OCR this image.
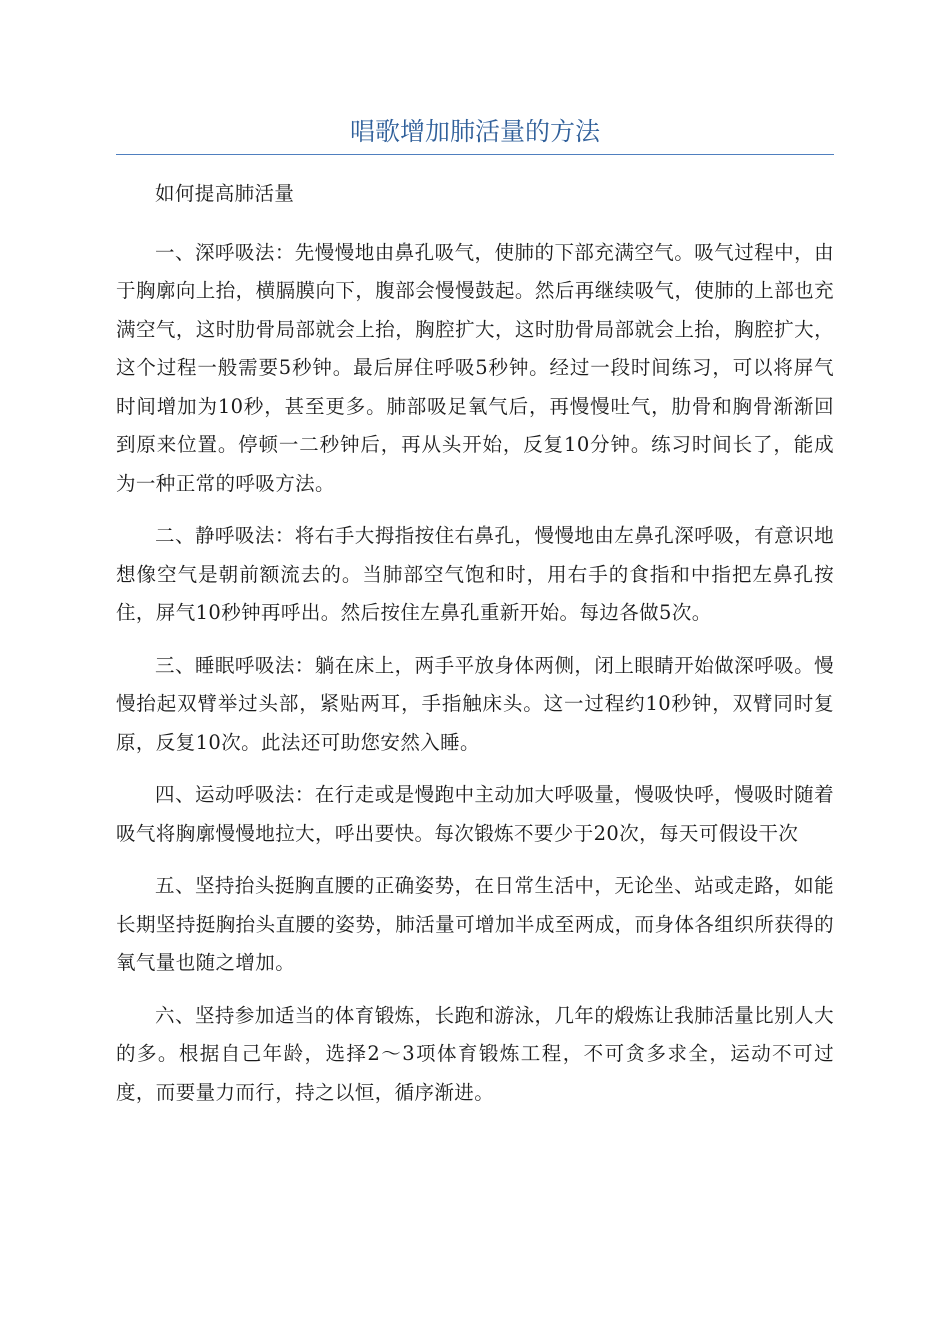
唱歌增加肺活量的方法

如何提高肺活量

一、深呼吸法：先慢慢地由鼻孔吸气，使肺的下部充满空气。吸气过程中，由于胸廓向上抬，横膈膜向下，腹部会慢慢鼓起。然后再继续吸气，使肺的上部也充满空气，这时肋骨局部就会上抬，胸腔扩大，这时肋骨局部就会上抬，胸腔扩大，这个过程一般需要5秒钟。最后屏住呼吸5秒钟。经过一段时间练习，可以将屏气时间增加为10秒，甚至更多。肺部吸足氧气后，再慢慢吐气，肋骨和胸骨渐渐回到原来位置。停顿一二秒钟后，再从头开始，反复10分钟。练习时间长了，能成为一种正常的呼吸方法。

二、静呼吸法：将右手大拇指按住右鼻孔，慢慢地由左鼻孔深呼吸，有意识地想像空气是朝前额流去的。当肺部空气饱和时，用右手的食指和中指把左鼻孔按住，屏气10秒钟再呼出。然后按住左鼻孔重新开始。每边各做5次。

三、睡眠呼吸法：躺在床上，两手平放身体两侧，闭上眼睛开始做深呼吸。慢慢抬起双臂举过头部，紧贴两耳，手指触床头。这一过程约10秒钟，双臂同时复原，反复10次。此法还可助您安然入睡。

四、运动呼吸法：在行走或是慢跑中主动加大呼吸量，慢吸快呼，慢吸时随着吸气将胸廓慢慢地拉大，呼出要快。每次锻炼不要少于20次，每天可假设干次

五、坚持抬头挺胸直腰的正确姿势，在日常生活中，无论坐、站或走路，如能长期坚持挺胸抬头直腰的姿势，肺活量可增加半成至两成，而身体各组织所获得的氧气量也随之增加。

六、坚持参加适当的体育锻炼，长跑和游泳，几年的煅炼让我肺活量比别人大的多。根据自己年龄，选择2～3项体育锻炼工程，不可贪多求全，运动不可过度，而要量力而行，持之以恒，循序渐进。
